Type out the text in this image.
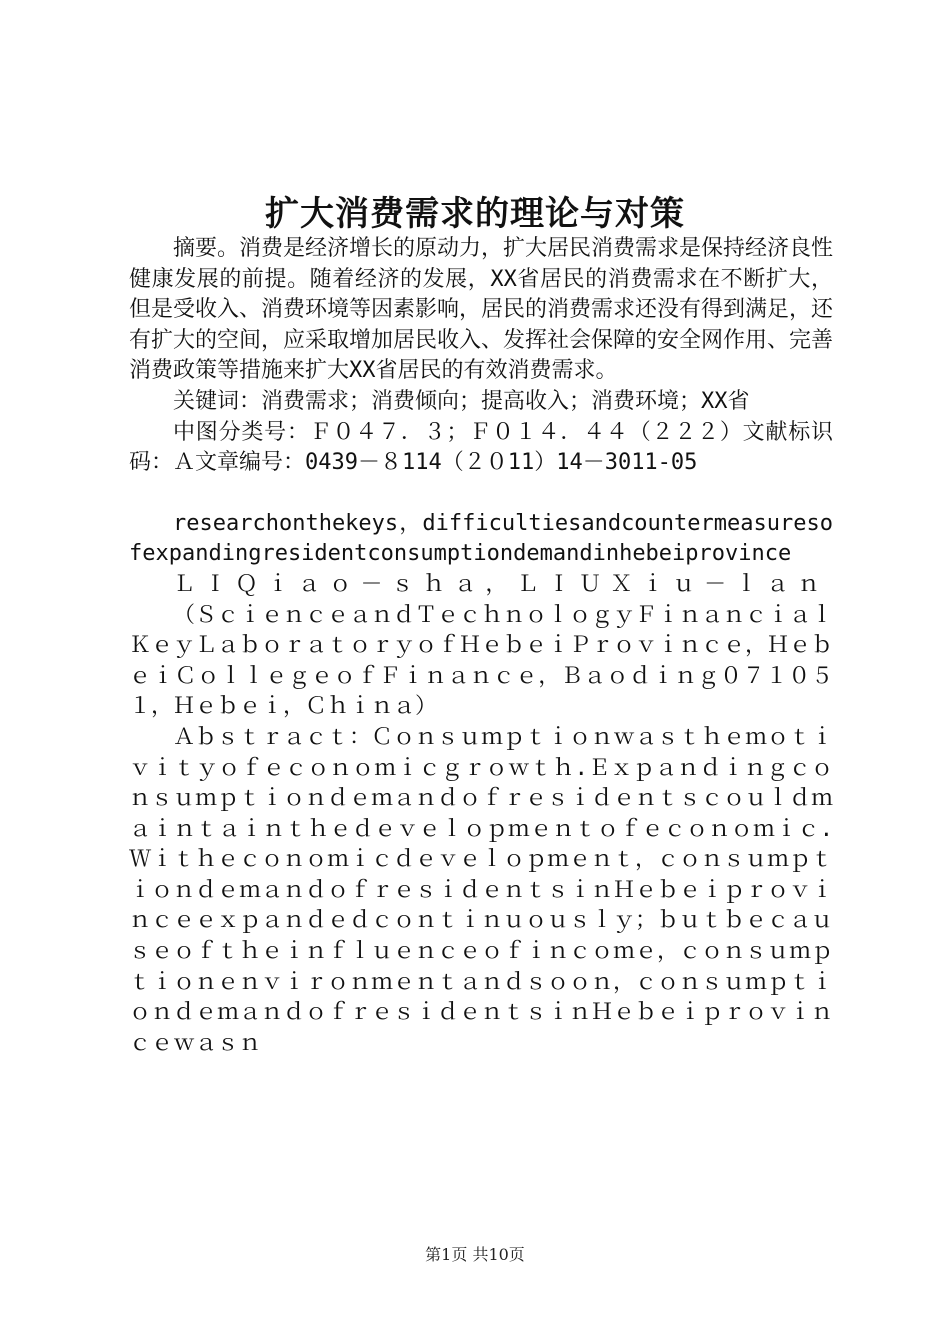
扩大消费需求的理论与对策

摘要。消费是经济增长的原动力，扩大居民消费需求是保持经济良性健康发展的前提。随着经济的发展，XX省居民的消费需求在不断扩大，但是受收入、消费环境等因素影响，居民的消费需求还没有得到满足，还有扩大的空间，应采取增加居民收入、发挥社会保障的安全网作用、完善消费政策等措施来扩大XX省居民的有效消费需求。

关键词：消费需求；消费倾向；提高收入；消费环境；XX省

中图分类号：Ｆ０４７．３；Ｆ０１４．４４（２２２）文献标识码：Ａ文章编号：0439－８114（２０11）14－3011-05

researchonthekeys，difficultiesandcountermeasuresofexpandingresidentconsumptiondemandinhebeiprovince

ＬＩＱｉａｏ－ｓｈａ，ＬＩＵＸｉｕ－ｌａｎ

（ＳｃｉｅｎｃｅａｎｄＴｅｃｈｎｏｌｏｇｙＦｉｎａｎｃｉａｌＫｅｙＬａｂｏｒａｔｏｒｙｏｆＨｅｂｅｉＰｒｏｖｉｎｃｅ，ＨｅｂｅｉＣｏｌｌｅｇｅｏｆＦｉｎａｎｃｅ，Ｂａｏｄｉｎｇ０７１０５１，Ｈｅｂｅｉ，Ｃｈｉｎａ）

Ａｂｓｔｒａｃｔ：Ｃｏｎｓｕｍｐｔｉｏｎｗａｓｔｈｅｍｏｔｉｖｉｔｙｏｆｅｃｏｎｏｍｉｃｇｒｏｗｔｈ.Ｅｘｐａｎｄｉｎｇｃｏｎｓｕｍｐｔｉｏｎｄｅｍａｎｄｏｆｒｅｓｉｄｅｎｔｓｃｏｕｌｄｍａｉｎｔａｉｎｔｈｅｄｅｖｅｌｏｐｍｅｎｔｏｆｅｃｏｎｏｍｉｃ.Ｗｉｔｈｅｃｏｎｏｍｉｃｄｅｖｅｌｏｐｍｅｎｔ，ｃｏｎｓｕｍｐｔｉｏｎｄｅｍａｎｄｏｆｒｅｓｉｄｅｎｔｓｉｎＨｅｂｅｉｐｒｏｖｉｎｃｅｅｘｐａｎｄｅｄｃｏｎｔｉｎｕｏｕｓｌｙ；ｂｕｔｂｅｃａｕｓｅｏｆｔｈｅｉｎｆｌｕｅｎｃｅｏｆｉｎｃｏｍｅ，ｃｏｎｓｕｍｐｔｉｏｎｅｎｖｉｒｏｎｍｅｎｔａｎｄｓｏｏｎ，ｃｏｎｓｕｍｐｔｉｏｎｄｅｍａｎｄｏｆｒｅｓｉｄｅｎｔｓｉｎＨｅｂｅｉｐｒｏｖｉｎｃｅｗａｓｎ

第1页 共10页
